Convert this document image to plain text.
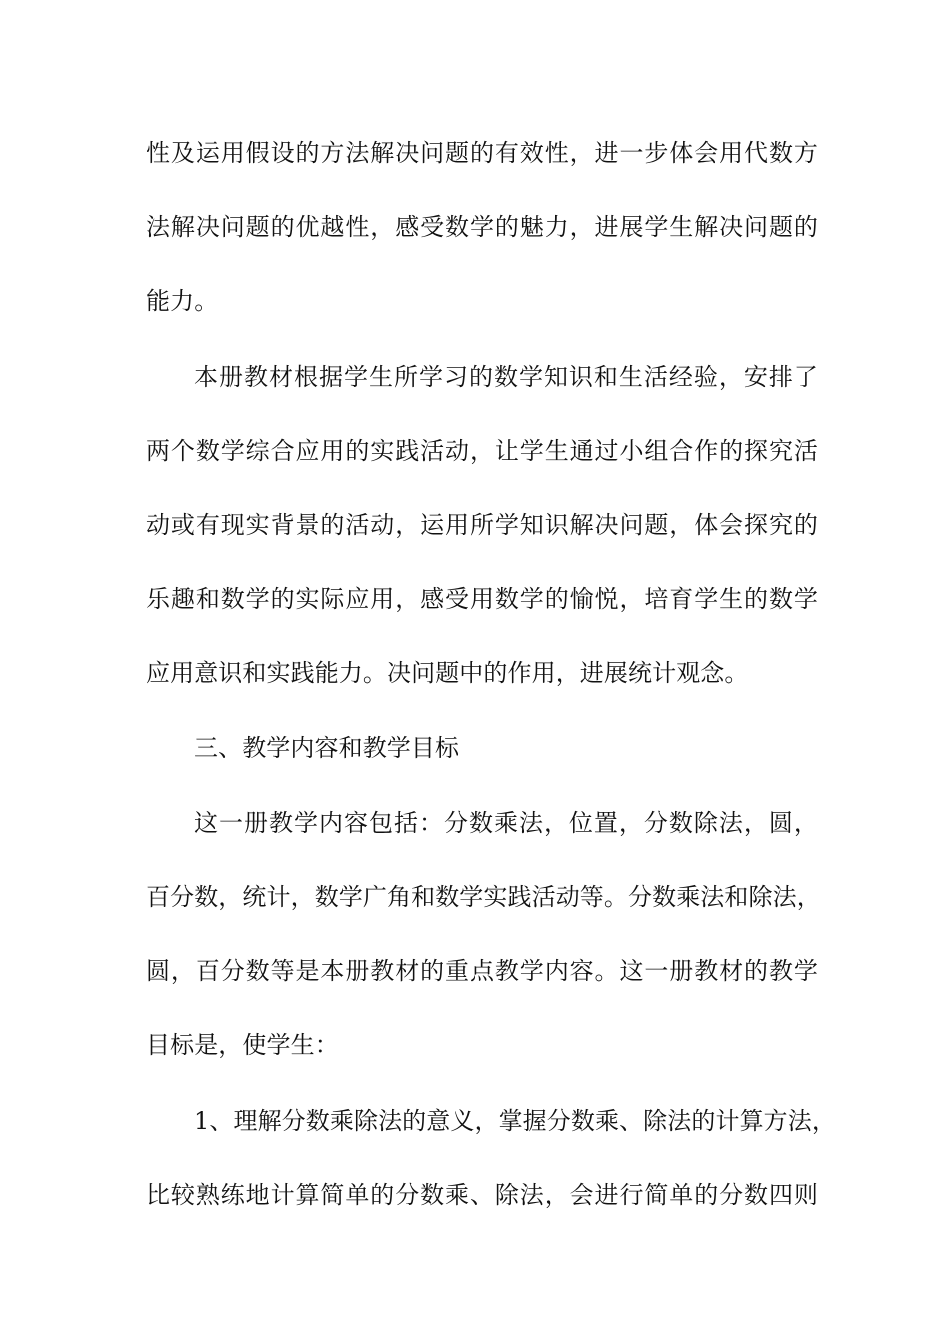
性及运用假设的方法解决问题的有效性，进一步体会用代数方
法解决问题的优越性，感受数学的魅力，进展学生解决问题的
能力。
本册教材根据学生所学习的数学知识和生活经验，安排了
两个数学综合应用的实践活动，让学生通过小组合作的探究活
动或有现实背景的活动，运用所学知识解决问题，体会探究的
乐趣和数学的实际应用，感受用数学的愉悦，培育学生的数学
应用意识和实践能力。决问题中的作用，进展统计观念。
三、教学内容和教学目标
这一册教学内容包括：分数乘法，位置，分数除法，圆，
百分数，统计，数学广角和数学实践活动等。分数乘法和除法，
圆，百分数等是本册教材的重点教学内容。这一册教材的教学
目标是，使学生：
1、理解分数乘除法的意义，掌握分数乘、除法的计算方法，
比较熟练地计算简单的分数乘、除法，会进行简单的分数四则
